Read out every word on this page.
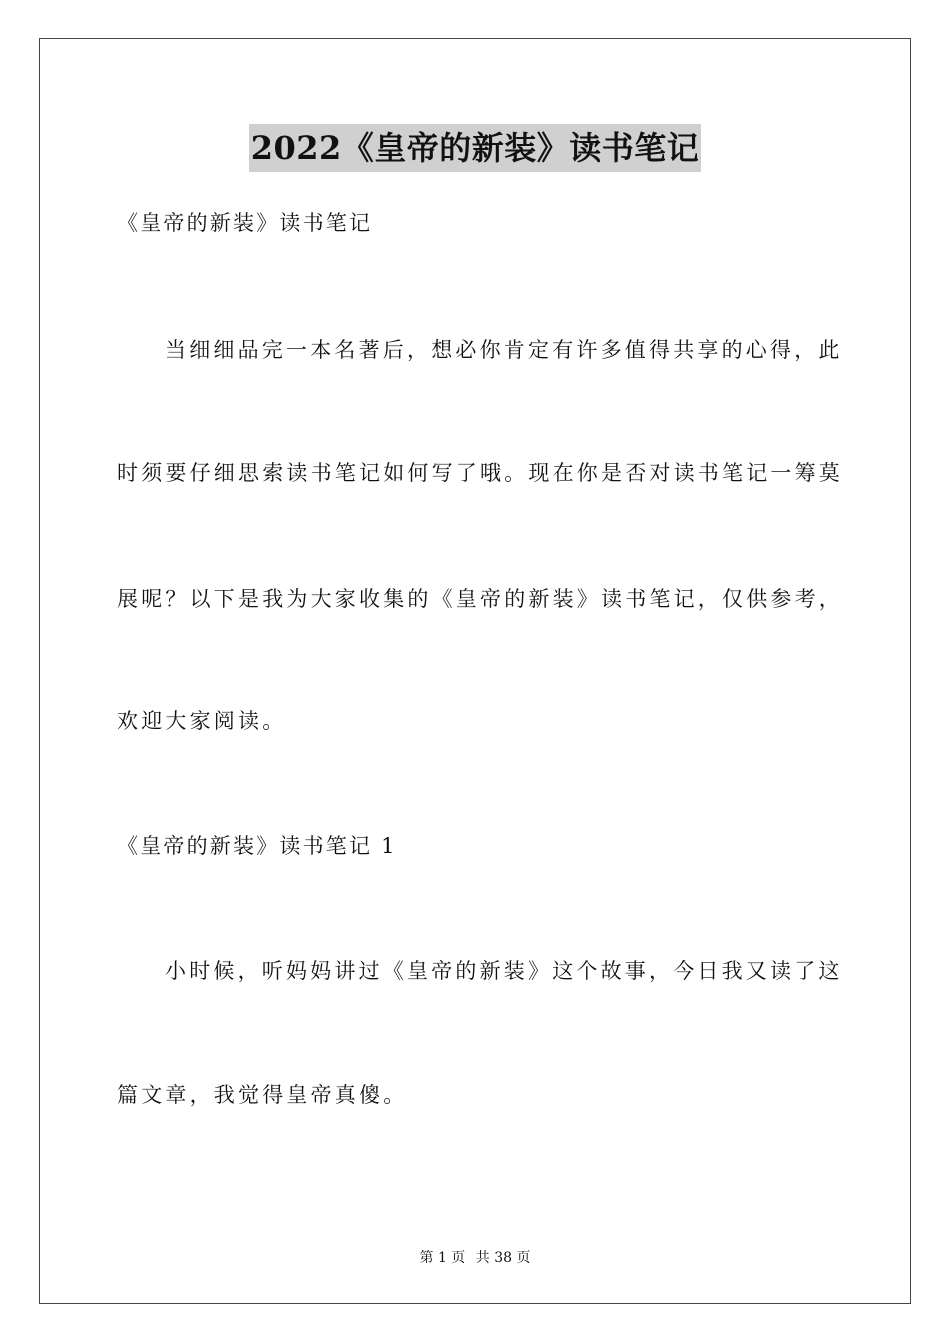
2022《皇帝的新装》读书笔记
《皇帝的新装》读书笔记
当细细品完一本名著后，想必你肯定有许多值得共享的心得，此
时须要仔细思索读书笔记如何写了哦。现在你是否对读书笔记一筹莫
展呢？以下是我为大家收集的《皇帝的新装》读书笔记，仅供参考，
欢迎大家阅读。
《皇帝的新装》读书笔记 1
小时候，听妈妈讲过《皇帝的新装》这个故事，今日我又读了这
篇文章，我觉得皇帝真傻。
第 1 页 共 38 页
